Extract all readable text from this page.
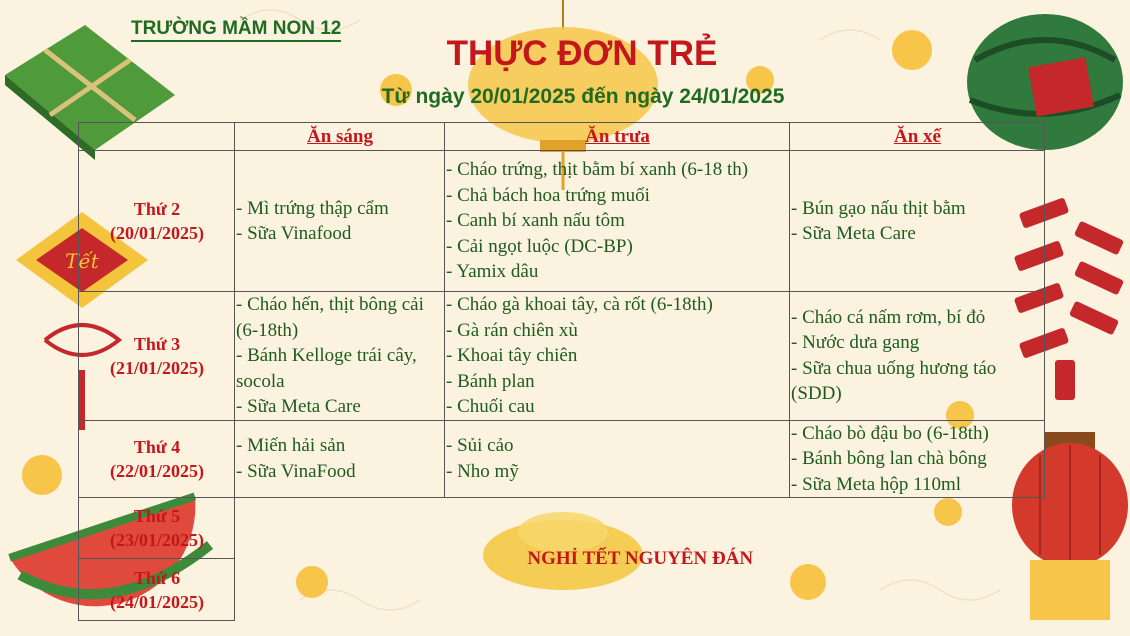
Tết
TRƯỜNG MẦM NON 12
THỰC ĐƠN TRẺ
Từ ngày 20/01/2025 đến ngày 24/01/2025
	Ăn sáng	Ăn trưa	Ăn xế

Thứ 2
(20/01/2025)	- Mì trứng thập cẩm
- Sữa Vinafood	- Cháo trứng, thịt bằm bí xanh (6-18 th)
- Chả bách hoa trứng muối
- Canh bí xanh nấu tôm
- Cải ngọt luộc (DC-BP)
- Yamix dâu	- Bún gạo nấu thịt bằm
- Sữa Meta Care

Thứ 3
(21/01/2025)	- Cháo hến, thịt bông cải (6-18th)
- Bánh Kelloge trái cây, socola
- Sữa Meta Care	- Cháo gà khoai tây, cà rốt (6-18th)
- Gà rán chiên xù
- Khoai tây chiên
- Bánh plan
- Chuối cau	- Cháo cá nấm rơm, bí đỏ
- Nước dưa gang
- Sữa chua uống hương táo (SDD)

Thứ 4
(22/01/2025)	- Miến hải sản
- Sữa VinaFood	- Sủi cảo
- Nho mỹ	- Cháo bò đậu bo (6-18th)
- Bánh bông lan chà bông
- Sữa Meta hộp 110ml

Thứ 5
(23/01/2025)	NGHỈ TẾT NGUYÊN ĐÁN		

Thứ 6
(24/01/2025)			
